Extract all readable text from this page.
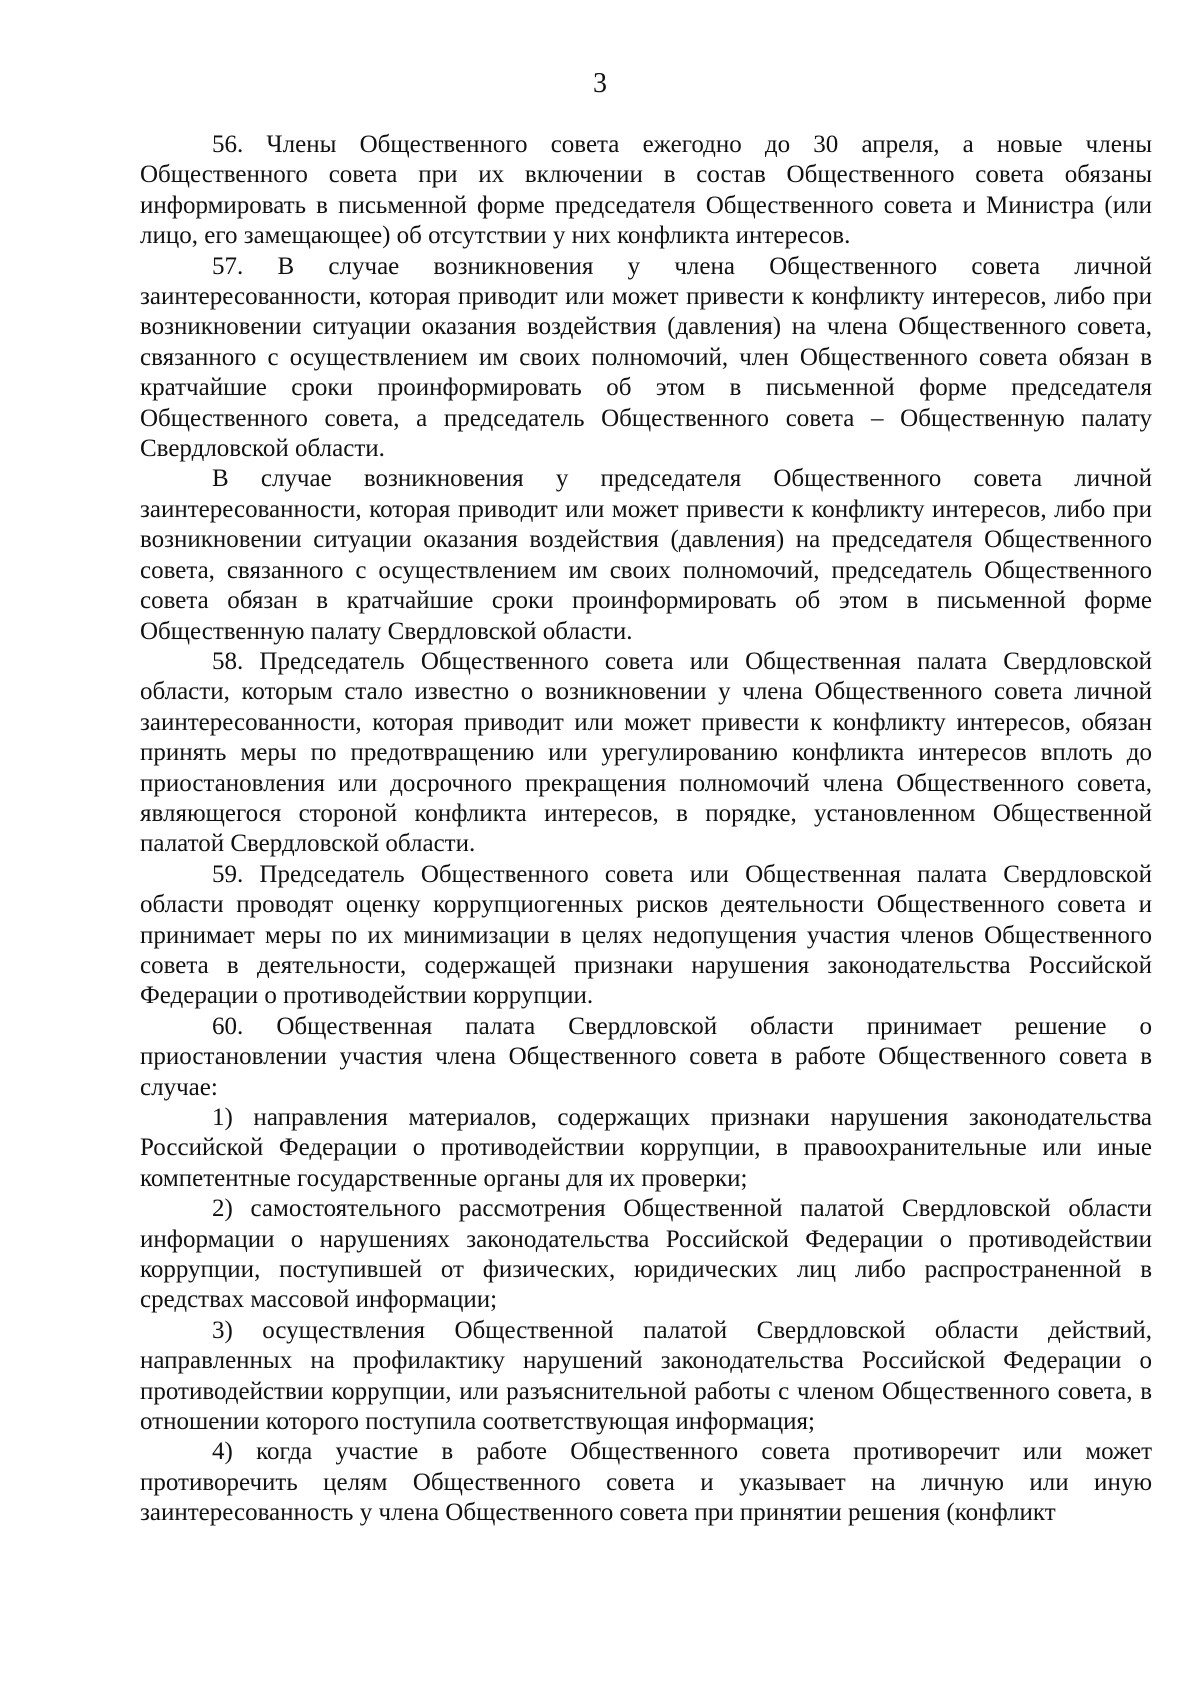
3

56. Члены Общественного совета ежегодно до 30 апреля, а новые члены Общественного совета при их включении в состав Общественного совета обязаны информировать в письменной форме председателя Общественного совета и Министра (или лицо, его замещающее) об отсутствии у них конфликта интересов.

57. В случае возникновения у члена Общественного совета личной заинтересованности, которая приводит или может привести к конфликту интересов, либо при возникновении ситуации оказания воздействия (давления) на члена Общественного совета, связанного с осуществлением им своих полномочий, член Общественного совета обязан в кратчайшие сроки проинформировать об этом в письменной форме председателя Общественного совета, а председатель Общественного совета – Общественную палату Свердловской области.

В случае возникновения у председателя Общественного совета личной заинтересованности, которая приводит или может привести к конфликту интересов, либо при возникновении ситуации оказания воздействия (давления) на председателя Общественного совета, связанного с осуществлением им своих полномочий, председатель Общественного совета обязан в кратчайшие сроки проинформировать об этом в письменной форме Общественную палату Свердловской области.

58. Председатель Общественного совета или Общественная палата Свердловской области, которым стало известно о возникновении у члена Общественного совета личной заинтересованности, которая приводит или может привести к конфликту интересов, обязан принять меры по предотвращению или урегулированию конфликта интересов вплоть до приостановления или досрочного прекращения полномочий члена Общественного совета, являющегося стороной конфликта интересов, в порядке, установленном Общественной палатой Свердловской области.

59. Председатель Общественного совета или Общественная палата Свердловской области проводят оценку коррупциогенных рисков деятельности Общественного совета и принимает меры по их минимизации в целях недопущения участия членов Общественного совета в деятельности, содержащей признаки нарушения законодательства Российской Федерации о противодействии коррупции.

60. Общественная палата Свердловской области принимает решение о приостановлении участия члена Общественного совета в работе Общественного совета в случае:

1) направления материалов, содержащих признаки нарушения законодательства Российской Федерации о противодействии коррупции, в правоохранительные или иные компетентные государственные органы для их проверки;

2) самостоятельного рассмотрения Общественной палатой Свердловской области информации о нарушениях законодательства Российской Федерации о противодействии коррупции, поступившей от физических, юридических лиц либо распространенной в средствах массовой информации;

3) осуществления Общественной палатой Свердловской области действий, направленных на профилактику нарушений законодательства Российской Федерации о противодействии коррупции, или разъяснительной работы с членом Общественного совета, в отношении которого поступила соответствующая информация;

4) когда участие в работе Общественного совета противоречит или может противоречить целям Общественного совета и указывает на личную или иную заинтересованность у члена Общественного совета при принятии решения (конфликт
